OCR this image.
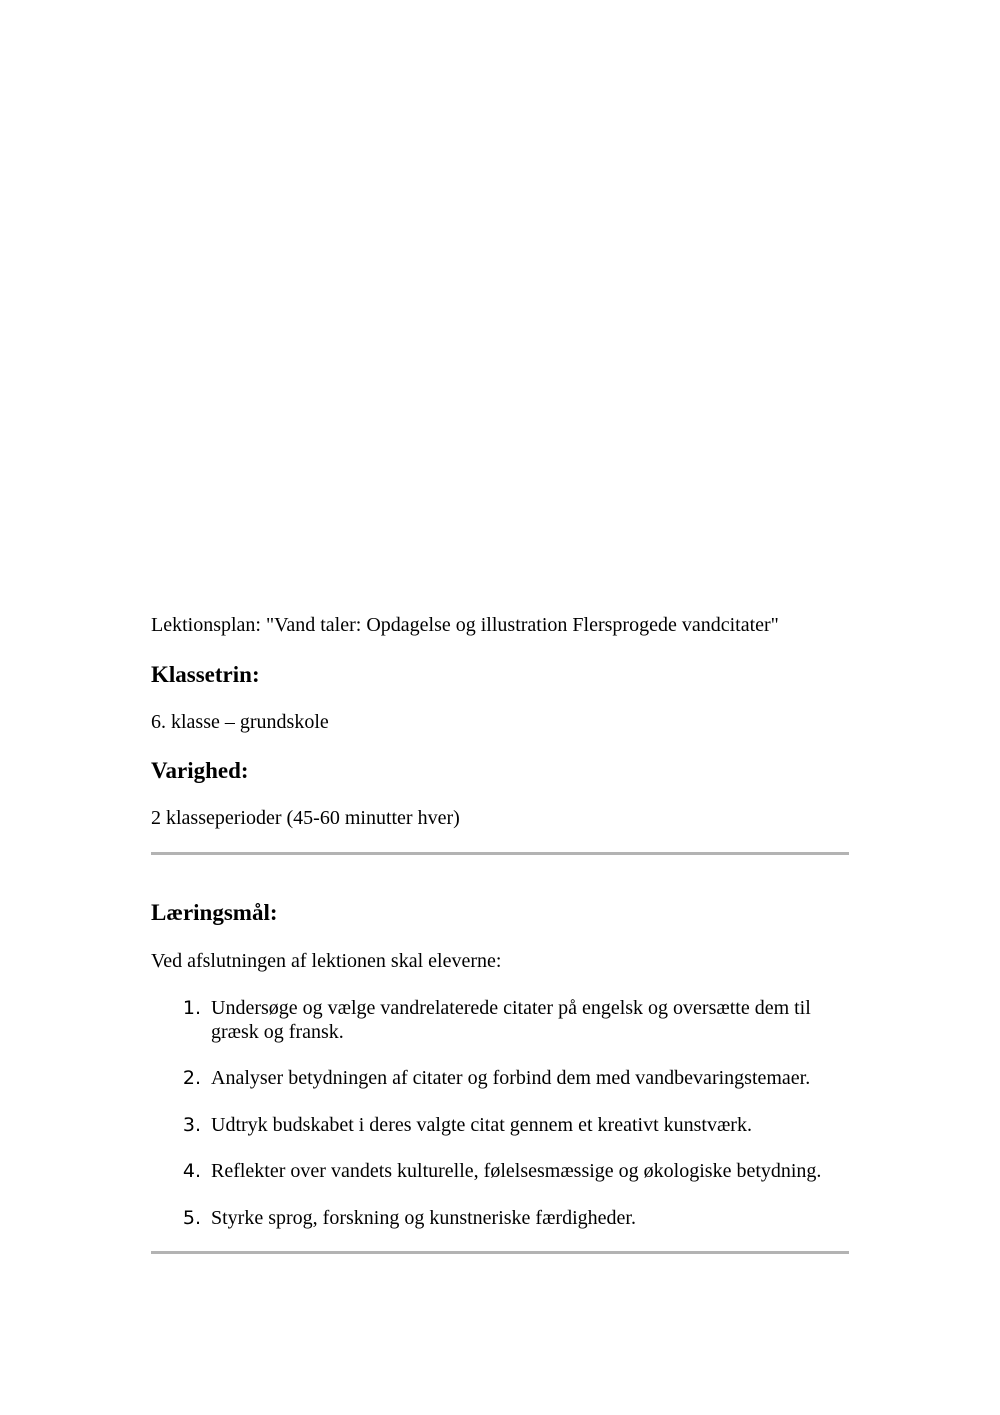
Lektionsplan: "Vand taler: Opdagelse og illustration Flersprogede vandcitater"

Klassetrin:

6. klasse – grundskole

Varighed:

2 klasseperioder (45-60 minutter hver)

Læringsmål:

Ved afslutningen af lektionen skal eleverne:

1. Undersøge og vælge vandrelaterede citater på engelsk og oversætte dem til græsk og fransk.
2. Analyser betydningen af citater og forbind dem med vandbevaringstemaer.
3. Udtryk budskabet i deres valgte citat gennem et kreativt kunstværk.
4. Reflekter over vandets kulturelle, følelsesmæssige og økologiske betydning.
5. Styrke sprog, forskning og kunstneriske færdigheder.
